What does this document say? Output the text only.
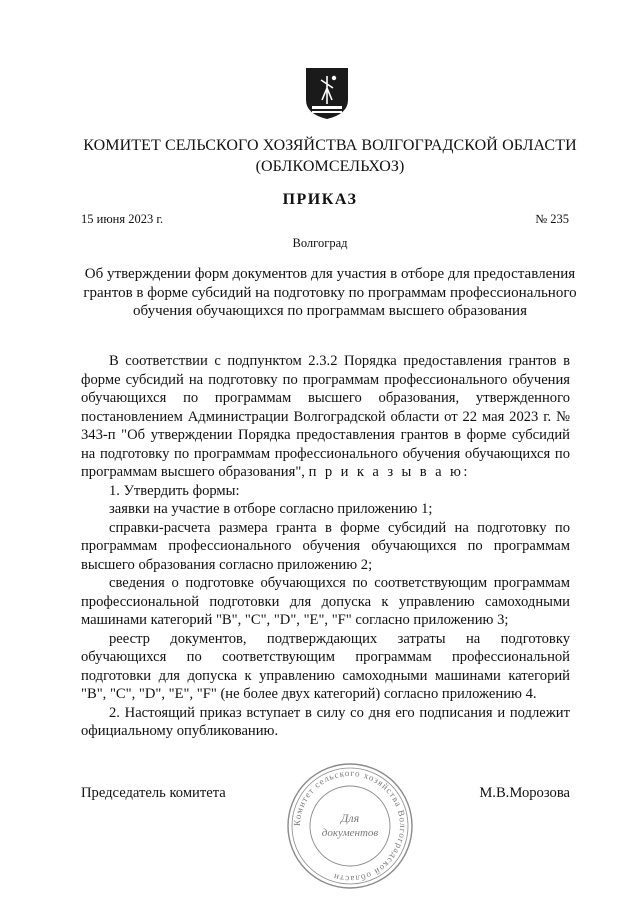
КОМИТЕТ СЕЛЬСКОГО ХОЗЯЙСТВА ВОЛГОГРАДСКОЙ ОБЛАСТИ
(ОБЛКОМСЕЛЬХОЗ)
ПРИКАЗ
15 июня 2023 г.	№ 235
Волгоград
Об утверждении форм документов для участия в отборе для предоставления грантов в форме субсидий на подготовку по программам профессионального обучения обучающихся по программам высшего образования

В соответствии с подпунктом 2.3.2 Порядка предоставления грантов в форме субсидий на подготовку по программам профессионального обучения обучающихся по программам высшего образования, утвержденного постановлением Администрации Волгоградской области от 22 мая 2023 г. № 343-п "Об утверждении Порядка предоставления грантов в форме субсидий на подготовку по программам профессионального обучения обучающихся по программам высшего образования", п р и к а з ы в а ю:

1. Утвердить формы:

заявки на участие в отборе согласно приложению 1;

справки-расчета размера гранта в форме субсидий на подготовку по программам профессионального обучения обучающихся по программам высшего образования согласно приложению 2;

сведения о подготовке обучающихся по соответствующим программам профессиональной подготовки для допуска к управлению самоходными машинами категорий "B", "C", "D", "E", "F" согласно приложению 3;

реестр документов, подтверждающих затраты на подготовку обучающихся по соответствующим программам профессиональной подготовки для допуска к управлению самоходными машинами категорий "B", "C", "D", "E", "F" (не более двух категорий) согласно приложению 4.

2. Настоящий приказ вступает в силу со дня его подписания и подлежит официальному опубликованию.

Председатель комитета	М.В.Морозова
Комитет сельского хозяйства Волгоградской области
Для
документов
